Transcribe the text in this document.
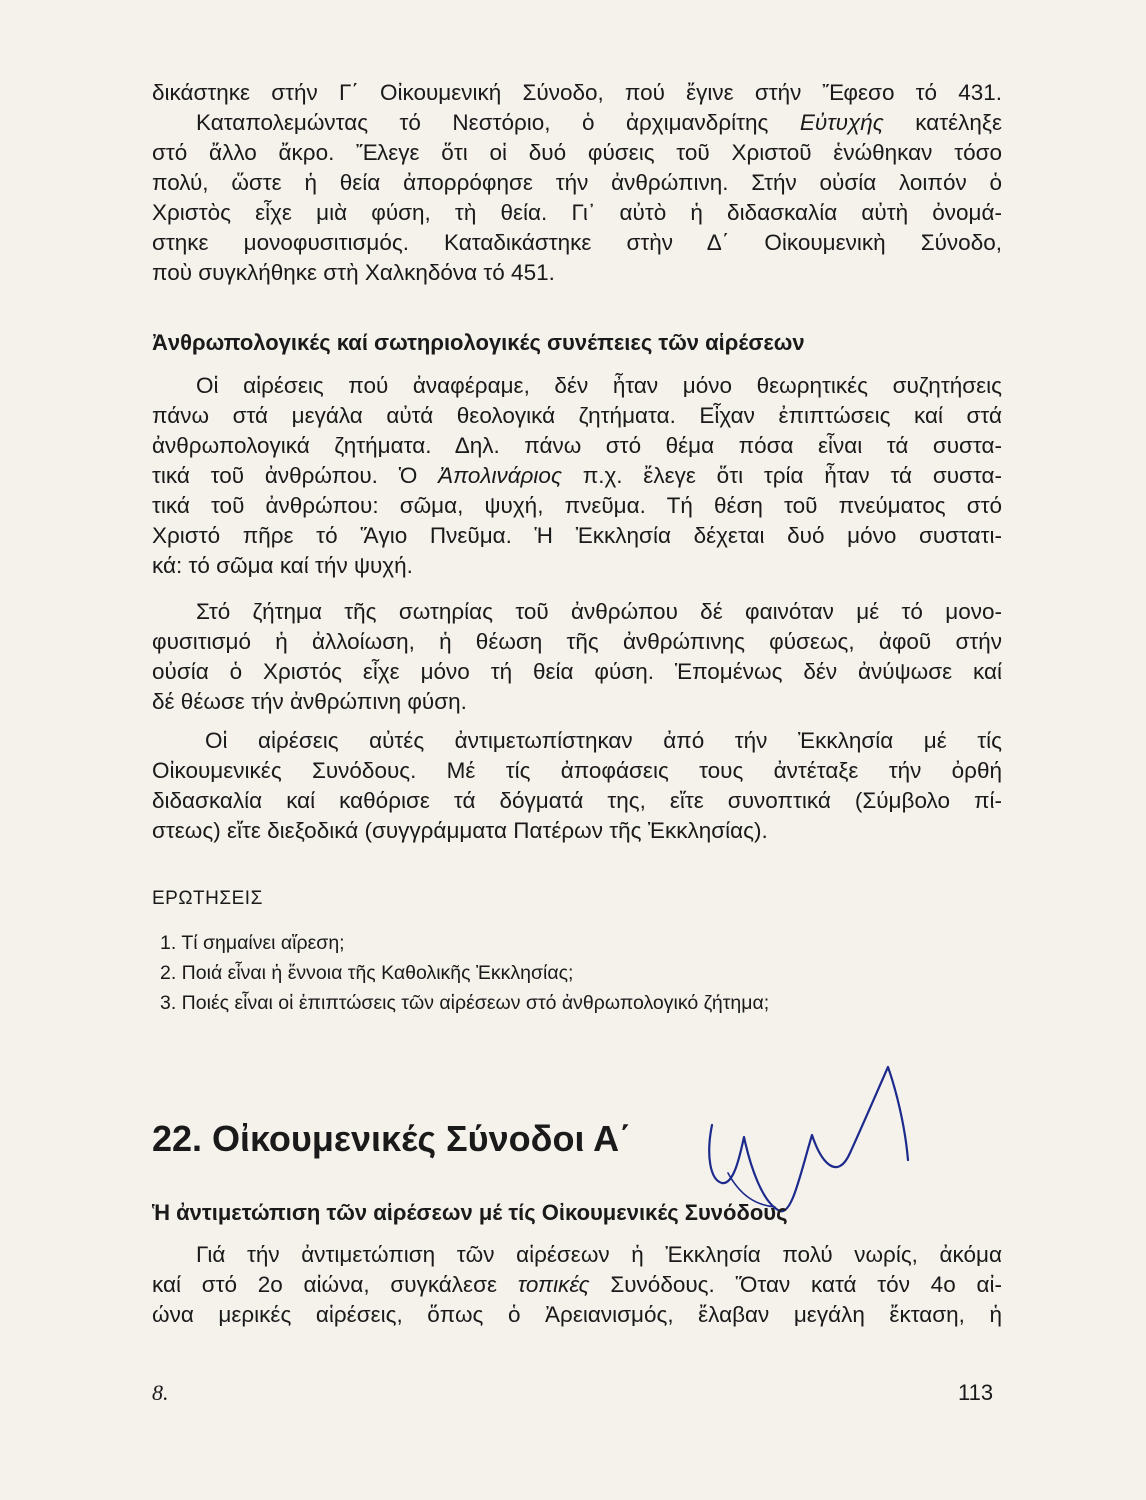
δικάστηκε στήν Γ΄ Οἰκουμενική Σύνοδο, πού ἔγινε στήν Ἔφεσο τό 431.
Καταπολεμώντας τό Νεστόριο, ὁ ἀρχιμανδρίτης Εὐτυχής κατέληξε
στό ἄλλο ἄκρο. Ἔλεγε ὅτι οἱ δυό φύσεις τοῦ Χριστοῦ ἑνώθηκαν τόσο
πολύ, ὥστε ἡ θεία ἀπορρόφησε τήν ἀνθρώπινη. Στήν οὐσία λοιπόν ὁ
Χριστὸς εἶχε μιὰ φύση, τὴ θεία. Γι᾽ αὐτὸ ἡ διδασκαλία αὐτὴ ὀνομά-
στηκε μονοφυσιτισμός. Καταδικάστηκε στὴν Δ΄ Οἰκουμενικὴ Σύνοδο,
ποὺ συγκλήθηκε στὴ Χαλκηδόνα τό 451.
Ἀνθρωπολογικές καί σωτηριολογικές συνέπειες τῶν αἱρέσεων
Οἱ αἱρέσεις πού ἀναφέραμε, δέν ἦταν μόνο θεωρητικές συζητήσεις
πάνω στά μεγάλα αὐτά θεολογικά ζητήματα. Εἶχαν ἐπιπτώσεις καί στά
ἀνθρωπολογικά ζητήματα. Δηλ. πάνω στό θέμα πόσα εἶναι τά συστα-
τικά τοῦ ἀνθρώπου. Ὁ Ἀπολινάριος π.χ. ἔλεγε ὅτι τρία ἦταν τά συστα-
τικά τοῦ ἀνθρώπου: σῶμα, ψυχή, πνεῦμα. Τή θέση τοῦ πνεύματος στό
Χριστό πῆρε τό Ἅγιο Πνεῦμα. Ἡ Ἐκκλησία δέχεται δυό μόνο συστατι-
κά: τό σῶμα καί τήν ψυχή.
Στό ζήτημα τῆς σωτηρίας τοῦ ἀνθρώπου δέ φαινόταν μέ τό μονο-
φυσιτισμό ἡ ἀλλοίωση, ἡ θέωση τῆς ἀνθρώπινης φύσεως, ἀφοῦ στήν
οὐσία ὁ Χριστός εἶχε μόνο τή θεία φύση. Ἑπομένως δέν ἀνύψωσε καί
δέ θέωσε τήν ἀνθρώπινη φύση.
Οἱ αἱρέσεις αὐτές ἀντιμετωπίστηκαν ἀπό τήν Ἐκκλησία μέ τίς
Οἰκουμενικές Συνόδους. Μέ τίς ἀποφάσεις τους ἀντέταξε τήν ὀρθή
διδασκαλία καί καθόρισε τά δόγματά της, εἴτε συνοπτικά (Σύμβολο πί-
στεως) εἴτε διεξοδικά (συγγράμματα Πατέρων τῆς Ἐκκλησίας).
ΕΡΩΤΗΣΕΙΣ
1. Τί σημαίνει αἵρεση;
2. Ποιά εἶναι ἡ ἔννοια τῆς Καθολικῆς Ἐκκλησίας;
3. Ποιές εἶναι οἱ ἐπιπτώσεις τῶν αἱρέσεων στό ἀνθρωπολογικό ζήτημα;
22. Οἰκουμενικές Σύνοδοι Α΄
Ἡ ἀντιμετώπιση τῶν αἱρέσεων μέ τίς Οἰκουμενικές Συνόδους
Γιά τήν ἀντιμετώπιση τῶν αἱρέσεων ἡ Ἐκκλησία πολύ νωρίς, ἀκόμα
καί στό 2ο αἰώνα, συγκάλεσε τοπικές Συνόδους. Ὅταν κατά τόν 4ο αἰ-
ώνα μερικές αἱρέσεις, ὅπως ὁ Ἀρειανισμός, ἔλαβαν μεγάλη ἔκταση, ἡ
8.	113
